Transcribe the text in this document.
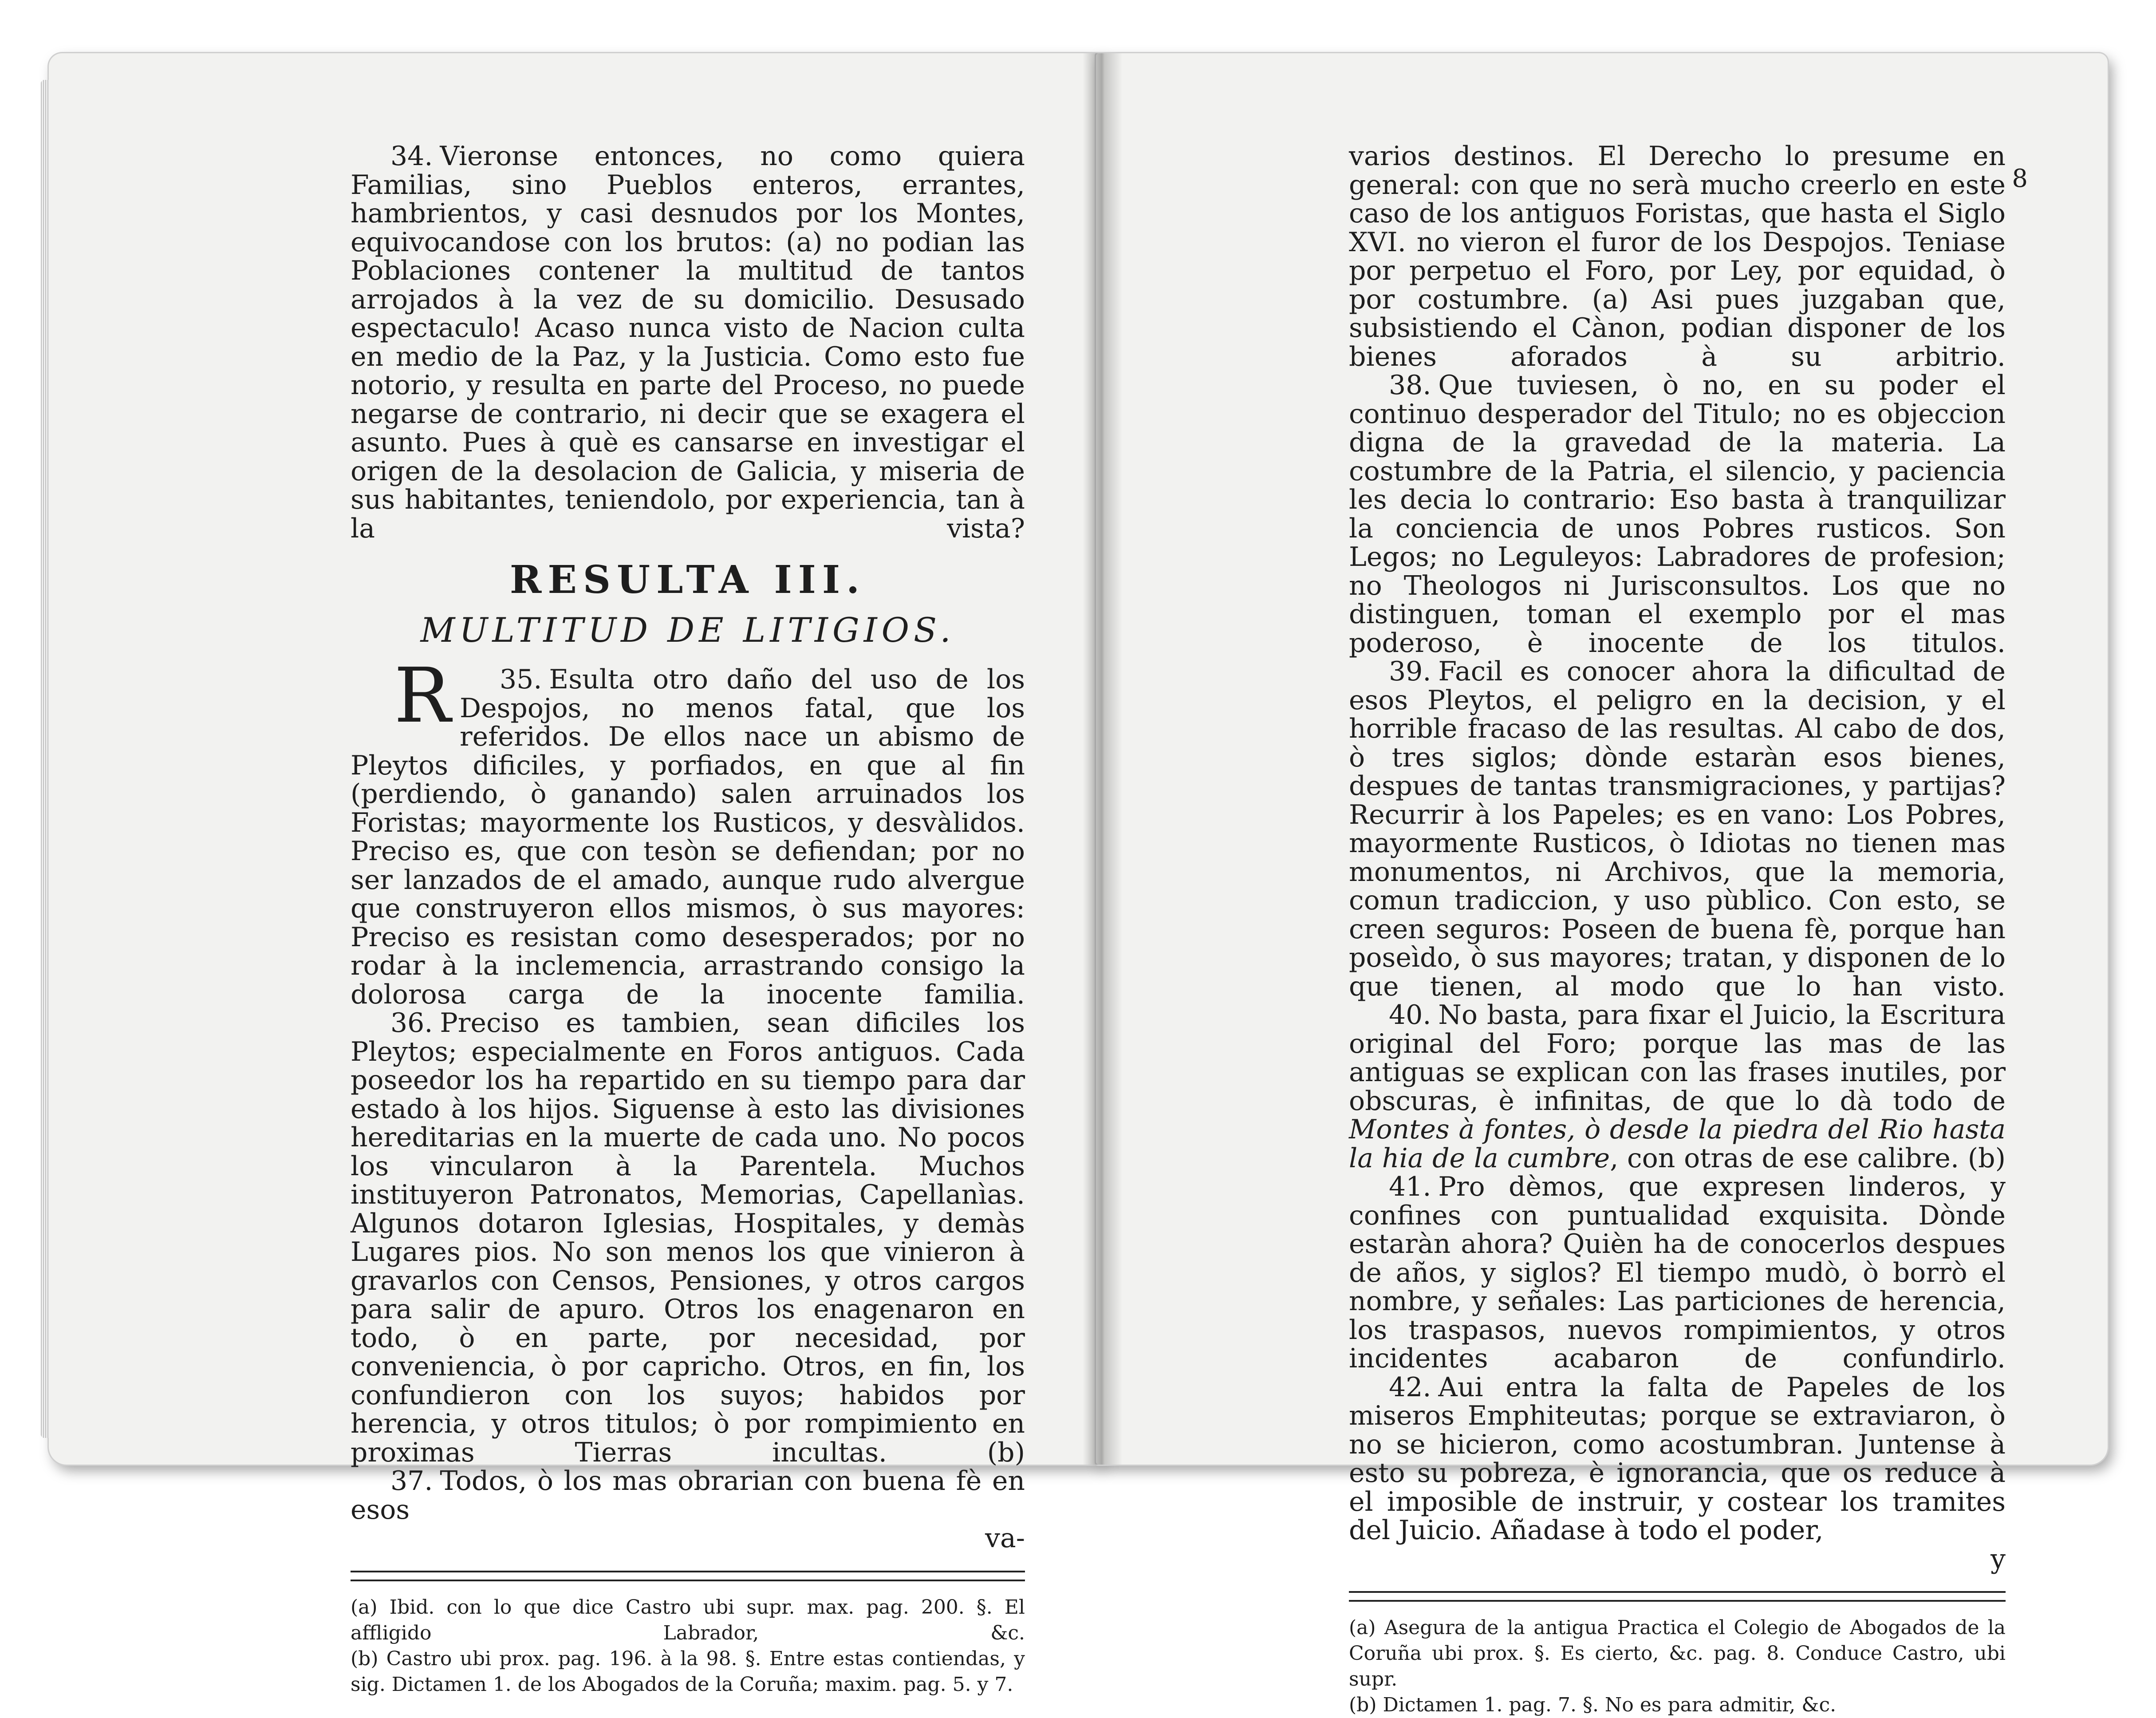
34. Vieronse entonces, no como quiera Familias, sino Pueblos enteros, errantes, hambrientos, y casi desnudos por los Montes, equivocandose con los brutos: (a) no podian las Poblaciones contener la multitud de tantos arrojados à la vez de su domicilio. Desusado espectaculo! Acaso nunca visto de Nacion culta en medio de la Paz, y la Justicia. Como esto fue notorio, y resulta en parte del Proceso, no puede negarse de contrario, ni decir que se exagera el asunto. Pues à què es cansarse en investigar el origen de la desolacion de Galicia, y miseria de sus habitantes, teniendolo, por experiencia, tan à la vista?

RESULTA III.
MULTITUD DE LITIGIOS.

35.
R	Esulta otro daño del uso de los Despojos, no menos fatal, que los referidos. De ellos nace un abismo de Pleytos dificiles, y porfiados, en que al fin (perdiendo, ò ganando) salen arruinados los Foristas; mayormente los Rusticos, y desvàlidos. Preciso es, que con tesòn se defiendan; por no ser lanzados de el amado, aunque rudo alvergue que construyeron ellos mismos, ò sus mayores: Preciso es resistan como desesperados; por no rodar à la inclemencia, arrastrando consigo la dolorosa carga de la inocente familia.

36. Preciso es tambien, sean dificiles los Pleytos; especialmente en Foros antiguos. Cada poseedor los ha repartido en su tiempo para dar estado à los hijos. Siguense à esto las divisiones hereditarias en la muerte de cada uno. No pocos los vincularon à la Parentela. Muchos instituyeron Patronatos, Memorias, Capellanìas. Algunos dotaron Iglesias, Hospitales, y demàs Lugares pios. No son menos los que vinieron à gravarlos con Censos, Pensiones, y otros cargos para salir de apuro. Otros los enagenaron en todo, ò en parte, por necesidad, por conveniencia, ò por capricho. Otros, en fin, los confundieron con los suyos; habidos por herencia, y otros titulos; ò por rompimiento en proximas Tierras incultas. (b)

37. Todos, ò los mas obrarian con buena fè en esos

va-

(a) Ibid. con lo que dice Castro ubi supr. max. pag. 200. §. El affligido Labrador, &c.

(b) Castro ubi prox. pag. 196. à la 98. §. Entre estas contiendas, y sig. Dictamen 1. de los Abogados de la Coruña; maxim. pag. 5. y 7.

8

varios destinos. El Derecho lo presume en general: con que no serà mucho creerlo en este caso de los antiguos Foristas, que hasta el Siglo XVI. no vieron el furor de los Despojos. Teniase por perpetuo el Foro, por Ley, por equidad, ò por costumbre. (a) Asi pues juzgaban que, subsistiendo el Cànon, podian disponer de los bienes aforados à su arbitrio.

38. Que tuviesen, ò no, en su poder el continuo desperador del Titulo; no es objeccion digna de la gravedad de la materia. La costumbre de la Patria, el silencio, y paciencia les decia lo contrario: Eso basta à tranquilizar la conciencia de unos Pobres rusticos. Son Legos; no Leguleyos: Labradores de profesion; no Theologos ni Jurisconsultos. Los que no distinguen, toman el exemplo por el mas poderoso, è inocente de los titulos.

39. Facil es conocer ahora la dificultad de esos Pleytos, el peligro en la decision, y el horrible fracaso de las resultas. Al cabo de dos, ò tres siglos; dònde estaràn esos bienes, despues de tantas transmigraciones, y partijas? Recurrir à los Papeles; es en vano: Los Pobres, mayormente Rusticos, ò Idiotas no tienen mas monumentos, ni Archivos, que la memoria, comun tradiccion, y uso pùblico. Con esto, se creen seguros: Poseen de buena fè, porque han poseìdo, ò sus mayores; tratan, y disponen de lo que tienen, al modo que lo han visto.

40. No basta, para fixar el Juicio, la Escritura original del Foro; porque las mas de las antiguas se explican con las frases inutiles, por obscuras, è infinitas, de que lo dà todo de Montes à fontes, ò desde la piedra del Rio hasta la hia de la cumbre, con otras de ese calibre. (b)

41. Pro dèmos, que expresen linderos, y confines con puntualidad exquisita. Dònde estaràn ahora? Quièn ha de conocerlos despues de años, y siglos? El tiempo mudò, ò borrò el nombre, y señales: Las particiones de herencia, los traspasos, nuevos rompimientos, y otros incidentes acabaron de confundirlo.

42. Aui entra la falta de Papeles de los miseros Emphiteutas; porque se extraviaron, ò no se hicieron, como acostumbran. Juntense à esto su pobreza, è ignorancia, que os reduce à el imposible de instruir, y costear los tramites del Juicio. Añadase à todo el poder,

y

(a) Asegura de la antigua Practica el Colegio de Abogados de la Coruña ubi prox. §. Es cierto, &c. pag. 8. Conduce Castro, ubi supr.

(b) Dictamen 1. pag. 7. §. No es para admitir, &c.
